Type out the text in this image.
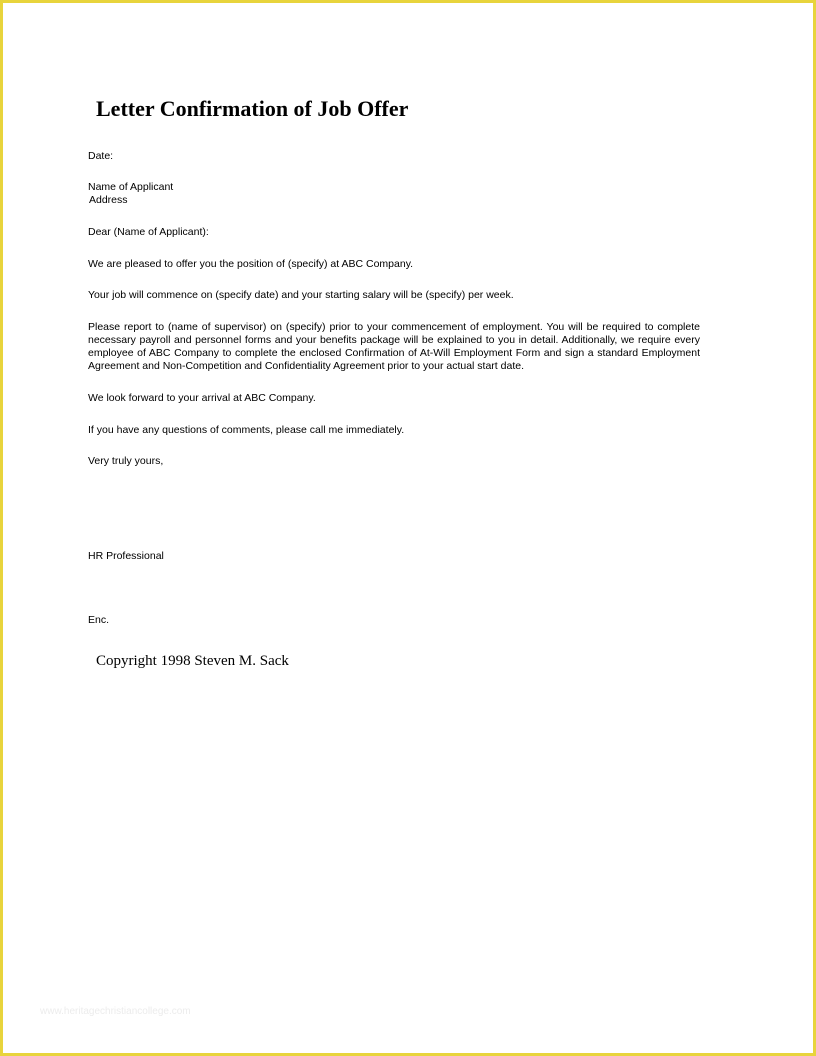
Letter Confirmation of Job Offer

Date:

Name of Applicant

Address

Dear (Name of Applicant):

We are pleased to offer you the position of (specify) at ABC Company.

Your job will commence on (specify date) and your starting salary will be (specify) per week.

Please report to (name of supervisor) on (specify) prior to your commencement of employment. You will be required to complete necessary payroll and personnel forms and your benefits package will be explained to you in detail. Additionally, we require every employee of ABC Company to complete the enclosed Confirmation of At-Will Employment Form and sign a standard Employment Agreement and Non-Competition and Confidentiality Agreement prior to your actual start date.

We look forward to your arrival at ABC Company.

If you have any questions of comments, please call me immediately.

Very truly yours,

HR Professional

Enc.

Copyright 1998 Steven M. Sack

www.heritagechristiancollege.com
